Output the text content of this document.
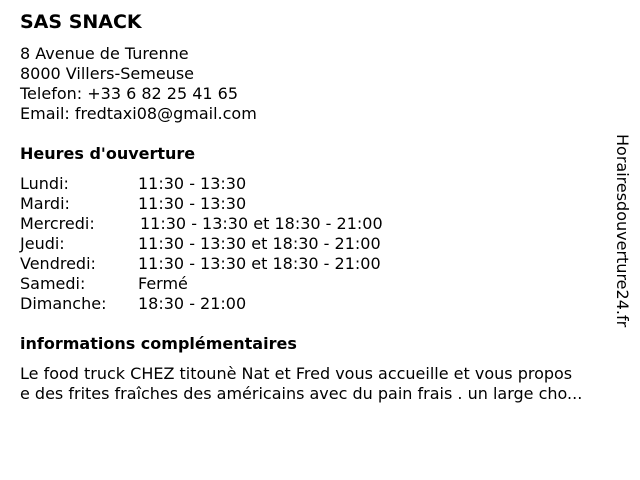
SAS SNACK
8 Avenue de Turenne
8000 Villers-Semeuse
Telefon: +33 6 82 25 41 65
Email: fredtaxi08@gmail.com
Heures d'ouverture
Lundi:	11:30 - 13:30
Mardi:	11:30 - 13:30
Mercredi:	11:30 - 13:30 et 18:30 - 21:00
Jeudi:	11:30 - 13:30 et 18:30 - 21:00
Vendredi:	11:30 - 13:30 et 18:30 - 21:00
Samedi:	Fermé
Dimanche: 18:30 - 21:00
informations complémentaires
Le food truck CHEZ titounè Nat et Fred vous accueille et vous propos
e des frites fraîches des américains avec du pain frais . un large cho...
Horairesdouverture24.fr
